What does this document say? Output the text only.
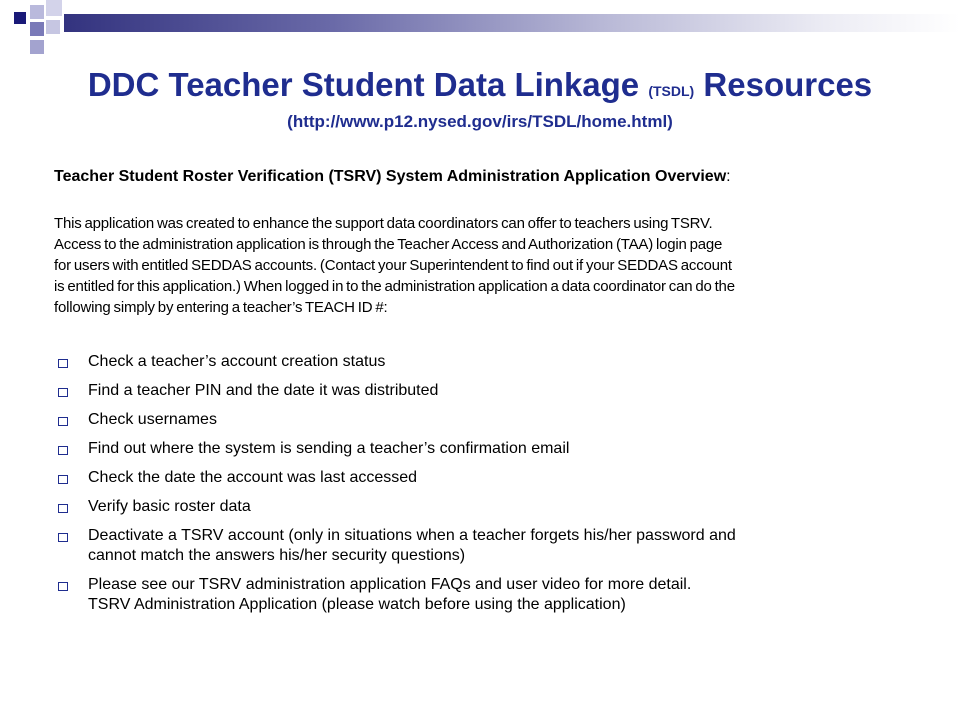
DDC Teacher Student Data Linkage (TSDL) Resources
(http://www.p12.nysed.gov/irs/TSDL/home.html)
Teacher Student Roster Verification (TSRV) System Administration Application Overview:
This application was created to enhance the support data coordinators can offer to teachers using TSRV.
Access to the administration application is through the Teacher Access and Authorization (TAA) login page
for users with entitled SEDDAS accounts. (Contact your Superintendent to find out if your SEDDAS account
is entitled for this application.) When logged in to the administration application a data coordinator can do the
following simply by entering a teacher’s TEACH ID #:
Check a teacher’s account creation status
Find a teacher PIN and the date it was distributed
Check usernames
Find out where the system is sending a teacher’s confirmation email
Check the date the account was last accessed
Verify basic roster data
Deactivate a TSRV account (only in situations when a teacher forgets his/her password and
cannot match the answers his/her security questions)
Please see our TSRV administration application FAQs and user video for more detail.
TSRV Administration Application (please watch before using the application)
